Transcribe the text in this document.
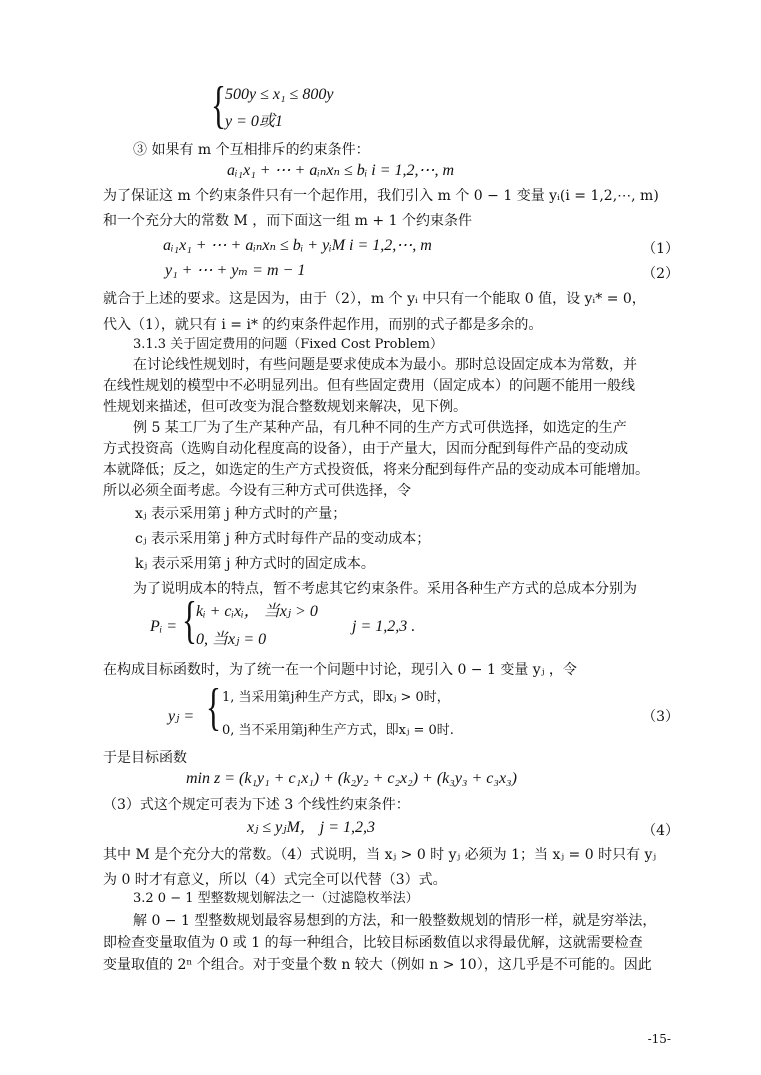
{ 500y ≤ x₁ ≤ 800y
y = 0或1
③ 如果有 m 个互相排斥的约束条件：
aᵢ₁x₁ + ⋯ + aᵢₙxₙ ≤ bᵢ i = 1,2,⋯, m
为了保证这 m 个约束条件只有一个起作用，我们引入 m 个 0 − 1 变量 yᵢ(i = 1,2,⋯, m)
和一个充分大的常数 M ，而下面这一组 m + 1 个约束条件
aᵢ₁x₁ + ⋯ + aᵢₙxₙ ≤ bᵢ + yᵢM i = 1,2,⋯, m	（1）
y₁ + ⋯ + yₘ = m − 1	（2）
就合于上述的要求。这是因为，由于（2），m 个 yᵢ 中只有一个能取 0 值，设 yᵢ* = 0，
代入（1），就只有 i = i* 的约束条件起作用，而别的式子都是多余的。
3.1.3 关于固定费用的问题（Fixed Cost Problem）
在讨论线性规划时，有些问题是要求使成本为最小。那时总设固定成本为常数，并
在线性规划的模型中不必明显列出。但有些固定费用（固定成本）的问题不能用一般线
性规划来描述，但可改变为混合整数规划来解决，见下例。
例 5 某工厂为了生产某种产品，有几种不同的生产方式可供选择，如选定的生产
方式投资高（选购自动化程度高的设备），由于产量大，因而分配到每件产品的变动成
本就降低；反之，如选定的生产方式投资低，将来分配到每件产品的变动成本可能增加。
所以必须全面考虑。今设有三种方式可供选择，令
xⱼ 表示采用第 j 种方式时的产量；
cⱼ 表示采用第 j 种方式时每件产品的变动成本；
kⱼ 表示采用第 j 种方式时的固定成本。
为了说明成本的特点，暂不考虑其它约束条件。采用各种生产方式的总成本分别为
Pᵢ = { kᵢ + cᵢxᵢ， 当xⱼ > 0
0, 当xⱼ = 0
j = 1,2,3 .
在构成目标函数时，为了统一在一个问题中讨论，现引入 0 − 1 变量 yⱼ ，令
yⱼ = { 1, 当采用第j种生产方式，即xⱼ > 0时，
0, 当不采用第j种生产方式，即xⱼ = 0时.
（3）
于是目标函数
min z = (k₁y₁ + c₁x₁) + (k₂y₂ + c₂x₂) + (k₃y₃ + c₃x₃)
（3）式这个规定可表为下述 3 个线性约束条件：
xⱼ ≤ yⱼM， j = 1,2,3	（4）
其中 M 是个充分大的常数。（4）式说明，当 xⱼ > 0 时 yⱼ 必须为 1；当 xⱼ = 0 时只有 yⱼ
为 0 时才有意义，所以（4）式完全可以代替（3）式。
3.2 0 − 1 型整数规划解法之一（过滤隐枚举法）
解 0 − 1 型整数规划最容易想到的方法，和一般整数规划的情形一样，就是穷举法，
即检查变量取值为 0 或 1 的每一种组合，比较目标函数值以求得最优解，这就需要检查
变量取值的 2ⁿ 个组合。对于变量个数 n 较大（例如 n > 10），这几乎是不可能的。因此
-15-
